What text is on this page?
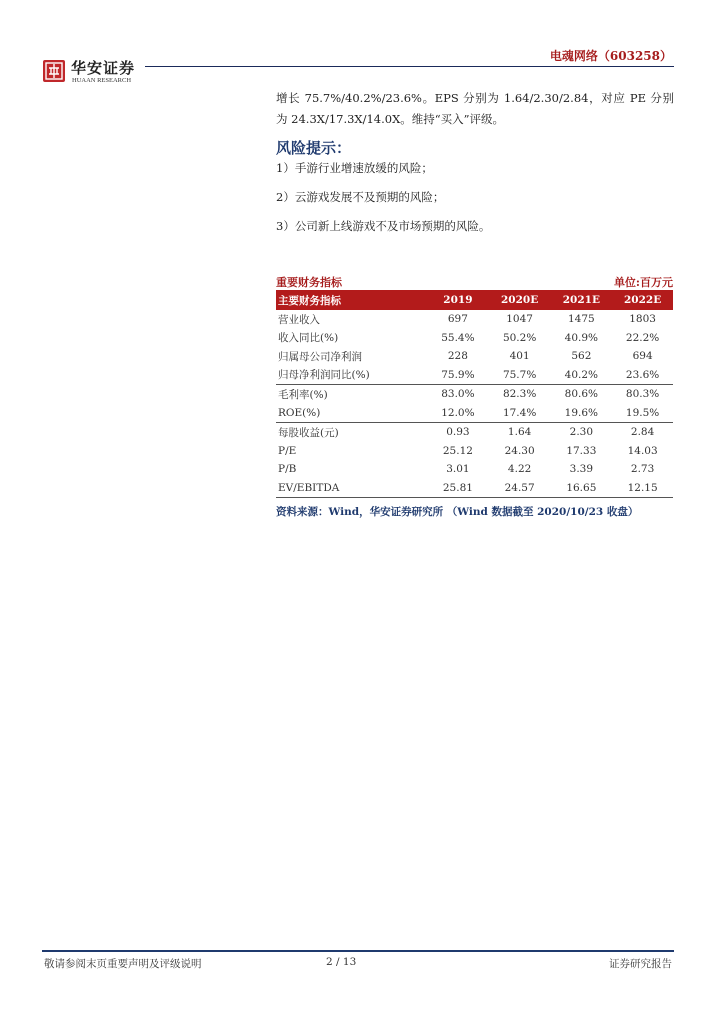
华安证券
HUAAN RESEARCH
电魂网络（603258）
增长 75.7%/40.2%/23.6%。EPS 分别为 1.64/2.30/2.84，对应 PE 分别为 24.3X/17.3X/14.0X。维持“买入”评级。
风险提示：
1）手游行业增速放缓的风险；
2）云游戏发展不及预期的风险；
3）公司新上线游戏不及市场预期的风险。
重要财务指标	单位:百万元
主要财务指标	2019	2020E	2021E	2022E
营业收入	697	1047	1475	1803
收入同比(%)	55.4%	50.2%	40.9%	22.2%
归属母公司净利润	228	401	562	694
归母净利润同比(%)	75.9%	75.7%	40.2%	23.6%
毛利率(%)	83.0%	82.3%	80.6%	80.3%
ROE(%)	12.0%	17.4%	19.6%	19.5%
每股收益(元)	0.93	1.64	2.30	2.84
P/E	25.12	24.30	17.33	14.03
P/B	3.01	4.22	3.39	2.73
EV/EBITDA	25.81	24.57	16.65	12.15
资料来源：Wind，华安证券研究所 （Wind 数据截至 2020/10/23 收盘）
敬请参阅末页重要声明及评级说明	2 / 13	证券研究报告
